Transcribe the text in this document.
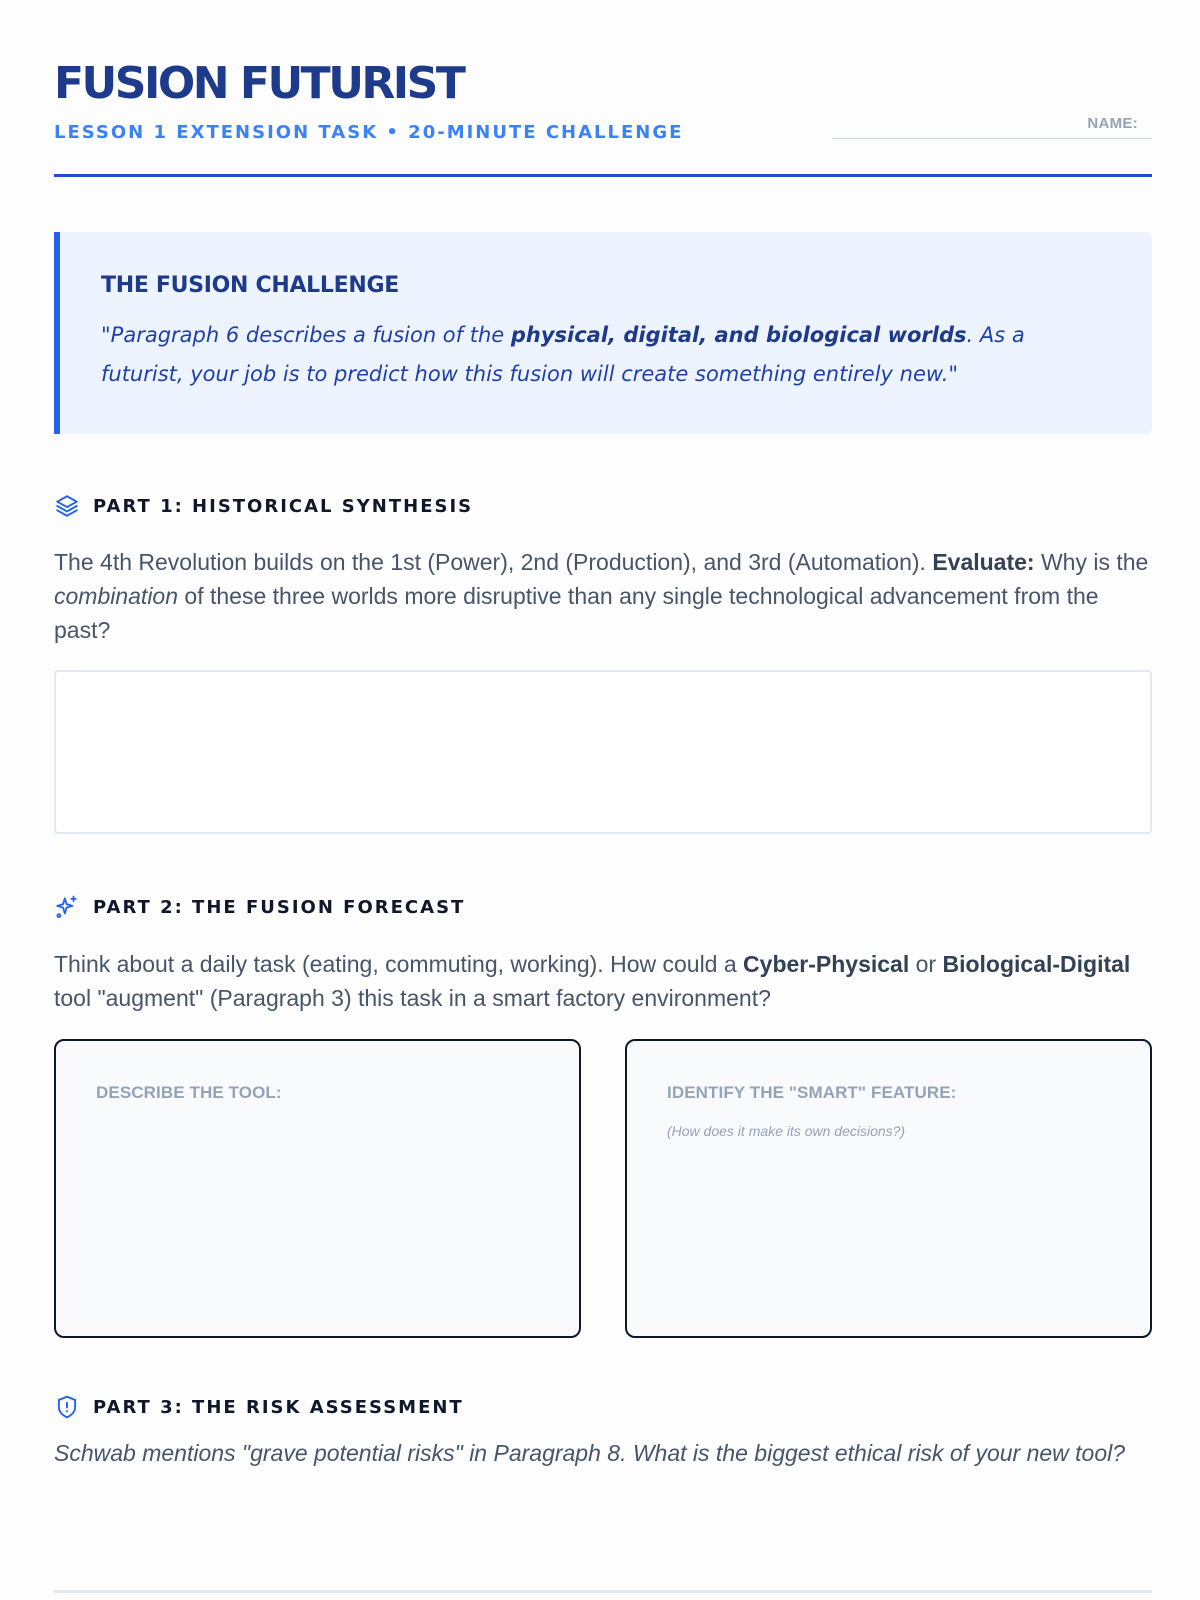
FUSION FUTURIST
LESSON 1 EXTENSION TASK • 20-MINUTE CHALLENGE	NAME:
THE FUSION CHALLENGE
"Paragraph 6 describes a fusion of the physical, digital, and biological worlds. As a futurist, your job is to predict how this fusion will create something entirely new."
PART 1: HISTORICAL SYNTHESIS
The 4th Revolution builds on the 1st (Power), 2nd (Production), and 3rd (Automation). Evaluate: Why is the combination of these three worlds more disruptive than any single technological advancement from the past?
PART 2: THE FUSION FORECAST
Think about a daily task (eating, commuting, working). How could a Cyber-Physical or Biological-Digital tool "augment" (Paragraph 3) this task in a smart factory environment?
DESCRIBE THE TOOL:	IDENTIFY THE "SMART" FEATURE:
(How does it make its own decisions?)
PART 3: THE RISK ASSESSMENT
Schwab mentions "grave potential risks" in Paragraph 8. What is the biggest ethical risk of your new tool?
